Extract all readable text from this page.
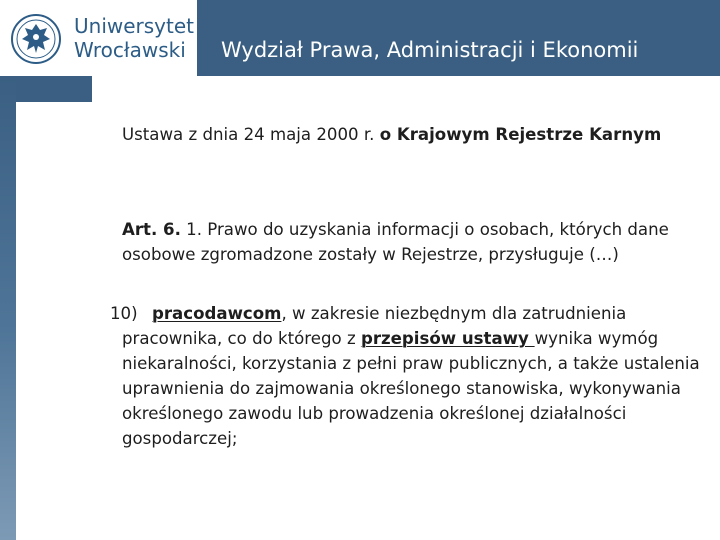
Uniwersytet
Wrocławski	Wydział Prawa, Administracji i Ekonomii
Ustawa z dnia 24 maja 2000 r. o Krajowym Rejestrze Karnym
Art. 6. 1. Prawo do uzyskania informacji o osobach, których dane osobowe zgromadzone zostały w Rejestrze, przysługuje (…)
10) pracodawcom, w zakresie niezbędnym dla zatrudnienia pracownika, co do którego z przepisów ustawy wynika wymóg niekaralności, korzystania z pełni praw publicznych, a także ustalenia uprawnienia do zajmowania określonego stanowiska, wykonywania określonego zawodu lub prowadzenia określonej działalności gospodarczej;
